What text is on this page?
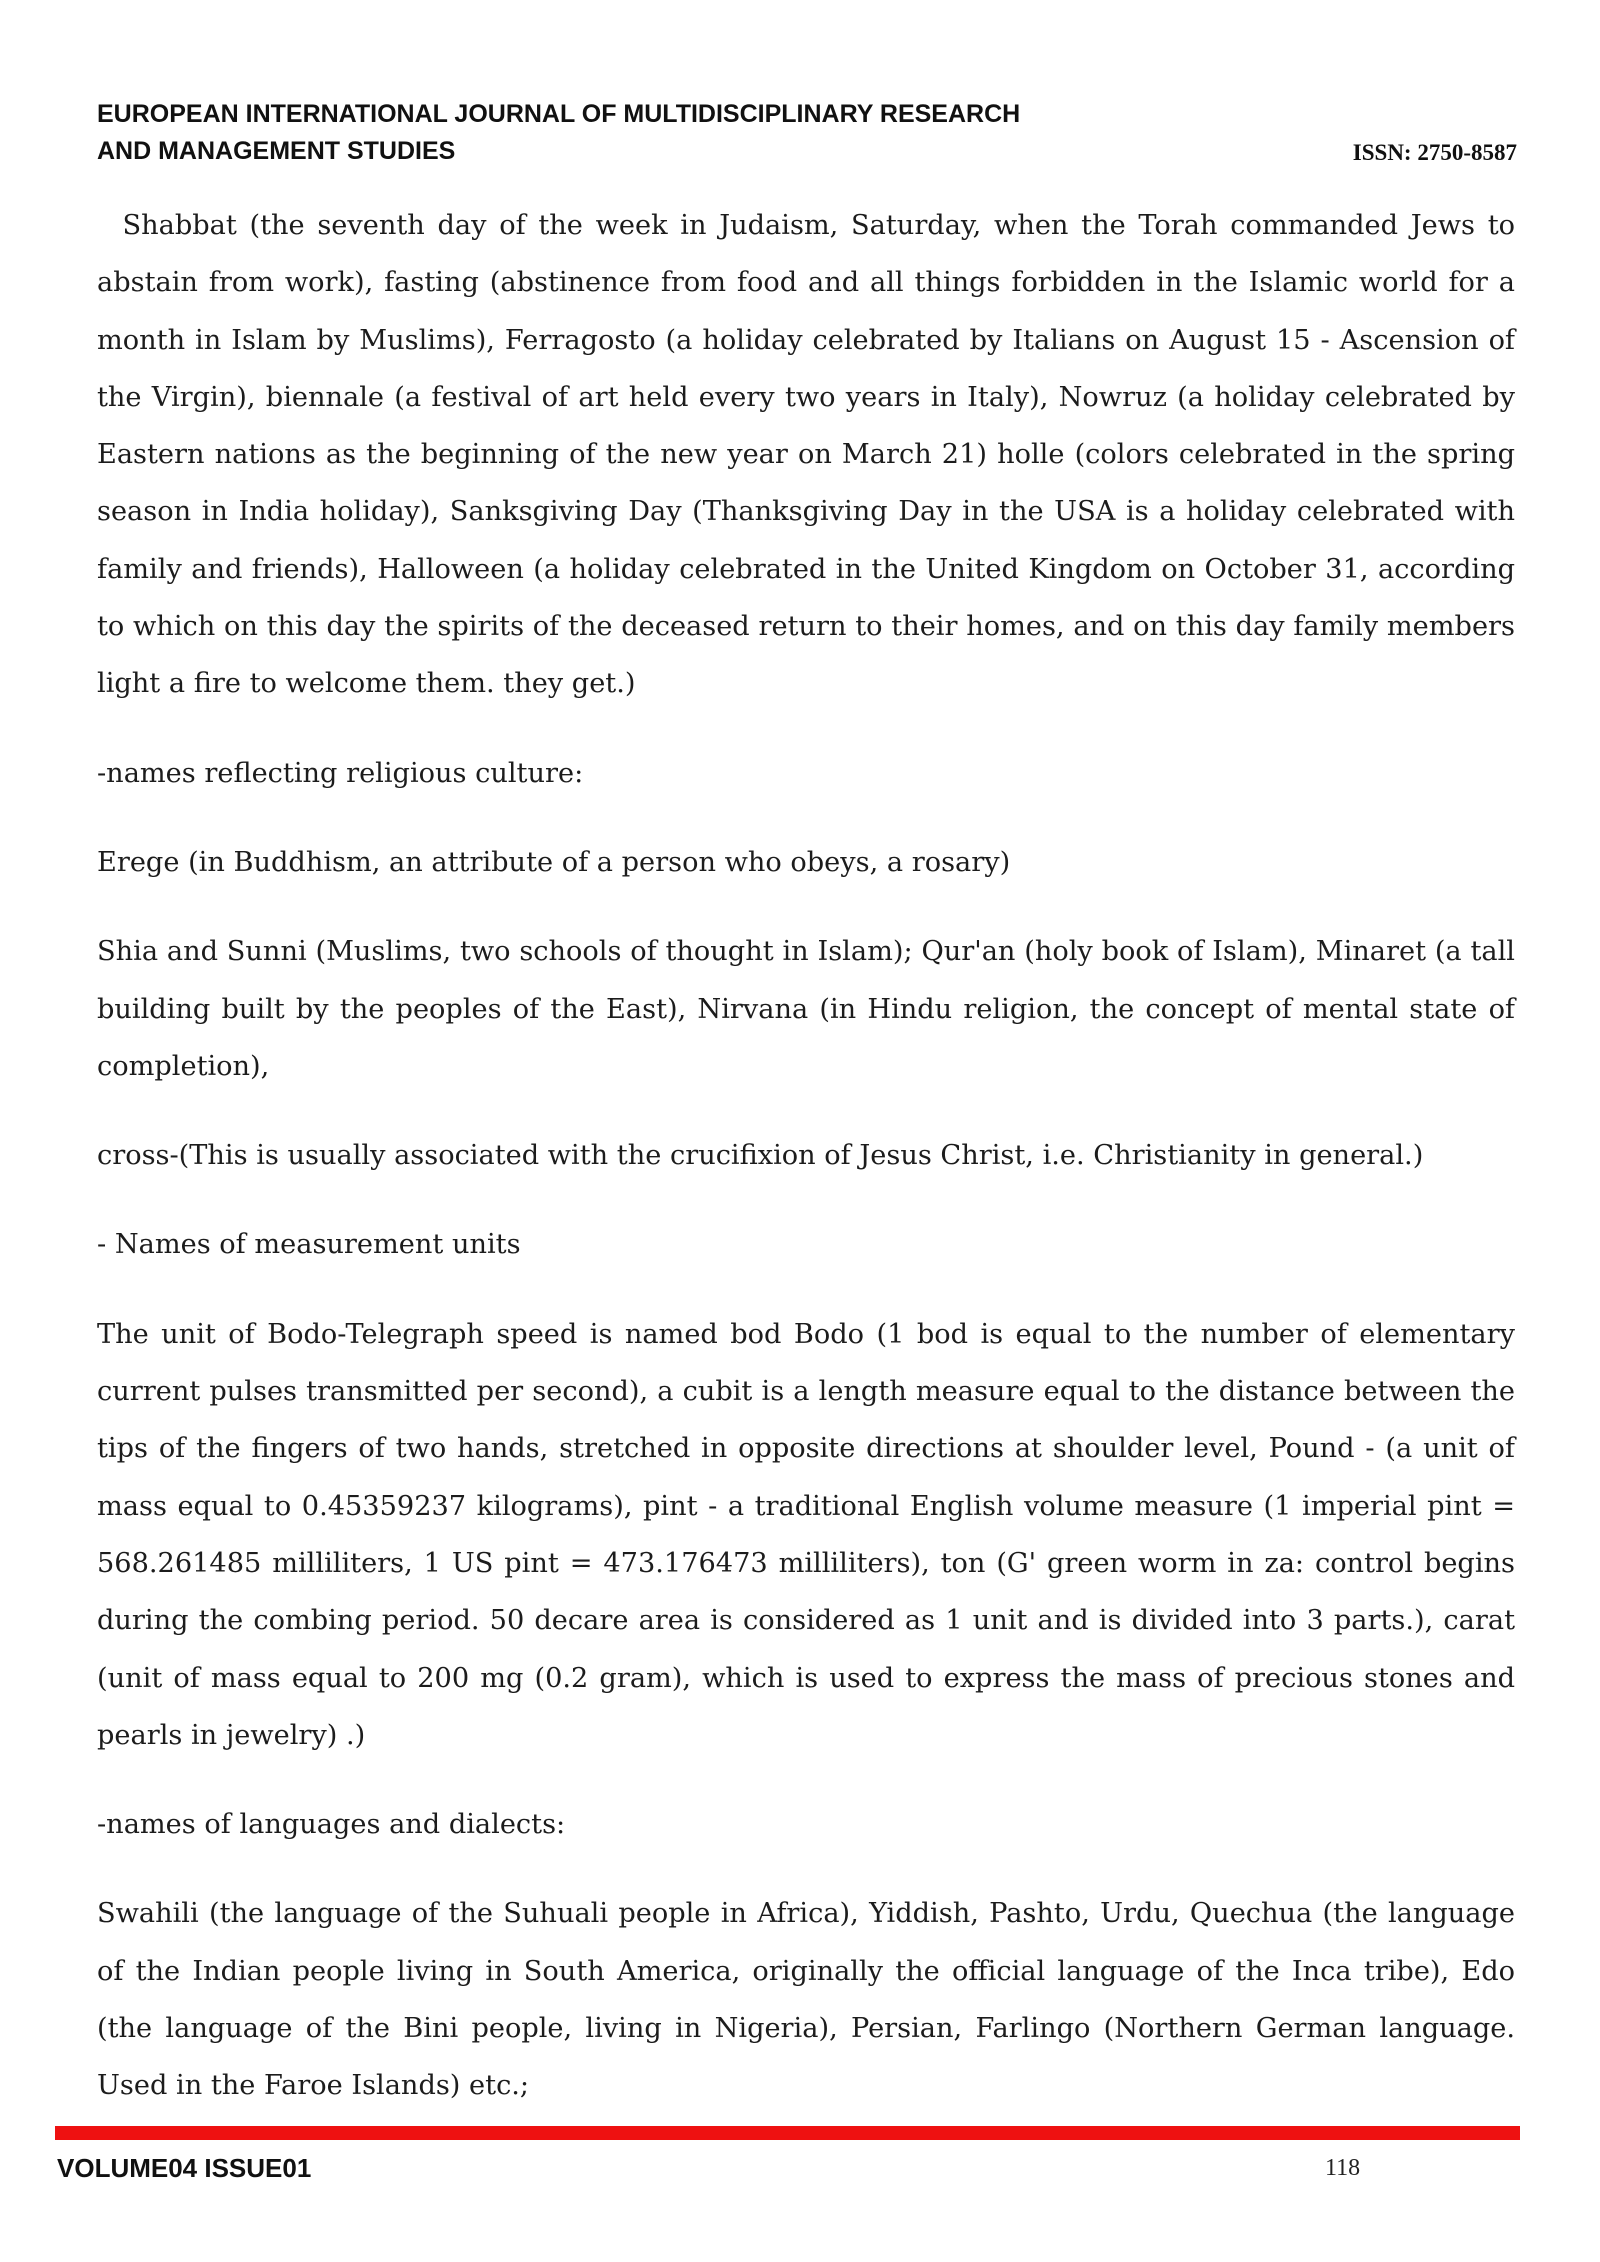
EUROPEAN INTERNATIONAL JOURNAL OF MULTIDISCIPLINARY RESEARCH
AND MANAGEMENT STUDIES	ISSN: 2750-8587

Shabbat (the seventh day of the week in Judaism, Saturday, when the Torah commanded Jews to abstain from work), fasting (abstinence from food and all things forbidden in the Islamic world for a month in Islam by Muslims), Ferragosto (a holiday celebrated by Italians on August 15 - Ascension of the Virgin), biennale (a festival of art held every two years in Italy), Nowruz (a holiday celebrated by Eastern nations as the beginning of the new year on March 21) holle (colors celebrated in the spring season in India holiday), Sanksgiving Day (Thanksgiving Day in the USA is a holiday celebrated with family and friends), Halloween (a holiday celebrated in the United Kingdom on October 31, according to which on this day the spirits of the deceased return to their homes, and on this day family members light a fire to welcome them. they get.)

-names reflecting religious culture:

Erege (in Buddhism, an attribute of a person who obeys, a rosary)

Shia and Sunni (Muslims, two schools of thought in Islam); Qur'an (holy book of Islam), Minaret (a tall building built by the peoples of the East), Nirvana (in Hindu religion, the concept of mental state of completion),

cross-(This is usually associated with the crucifixion of Jesus Christ, i.e. Christianity in general.)

- Names of measurement units

The unit of Bodo-Telegraph speed is named bod Bodo (1 bod is equal to the number of elementary current pulses transmitted per second), a cubit is a length measure equal to the distance between the tips of the fingers of two hands, stretched in opposite directions at shoulder level, Pound - (a unit of mass equal to 0.45359237 kilograms), pint - a traditional English volume measure (1 imperial pint = 568.261485 milliliters, 1 US pint = 473.176473 milliliters), ton (G' green worm in za: control begins during the combing period. 50 decare area is considered as 1 unit and is divided into 3 parts.), carat (unit of mass equal to 200 mg (0.2 gram), which is used to express the mass of precious stones and pearls in jewelry) .)

-names of languages and dialects:

Swahili (the language of the Suhuali people in Africa), Yiddish, Pashto, Urdu, Quechua (the language of the Indian people living in South America, originally the official language of the Inca tribe), Edo (the language of the Bini people, living in Nigeria), Persian, Farlingo (Northern German language. Used in the Faroe Islands) etc.;

VOLUME04 ISSUE01	118
